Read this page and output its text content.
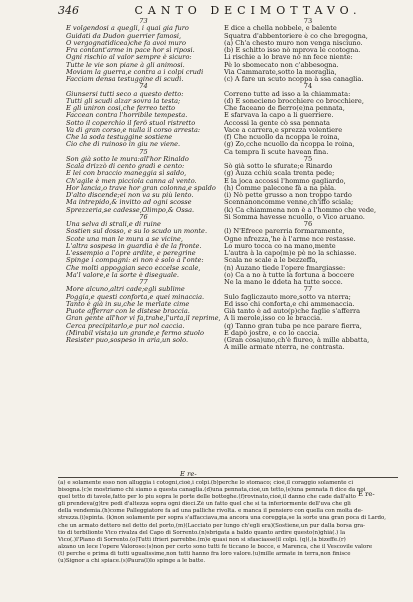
346	CANTO DECIMOTTAVO.
73
E volgendosi a quegli, i quai gia furo
Guidati da Dudon guerrier famosi,
O vergognatidicea)che fa avoi muro
Fra contant'arme in pace hor sì riposi.
Ogni rischio al valor sempre è sicuro:
Tutte le vie son piane à gli animosi.
Moviam la guerra,e contra a i colpi crudi
Facciam densa testuggine di scudi.
74
Giunsersi tutti seco a questo detto:
Tutti gli scudi alzar sovra la testa;
E gli uniron cosi,che ferreo tetto
Faccean contra l'horribile tempesta.
Sotto il coperchio il ferô stuol ristretto
Va di gran corso,e nulla il corso arresta:
Che la soda testuggine sostiene
Cio che di ruinoso in giu ne viene.
75
Son già sotto le mura:all'hor Rinaldo
Scala drizzò di cento gradi e cento:
E lei con braccio maneggia sì saldo,
Ch'agile è men picciola canna al vento.
Hor lancia,o trave hor gran colonna,e spaldo
D'alto discende;ei non va su più lento.
Ma intrepido,& invitto ad ogni scosse
Sprezzeria,se cadesse,Olimpo,& Ossa.
76
Una selva di strali,e di ruine
Sostien sul dosso, e su lo scudo un monte.
Scote una man le mura a se vicine,
L'altra sospesa in guardia è de la fronte.
L'essempio a l'opre ardite, e peregrine
Spinge i compagni: ei non è solo a l'onte:
Che molti appoggian seco eccelse scale,
Ma'l valore,e la sorte è diseguale.
77
More alcuno,altri cade;egli sublime
Poggia,e questi conforta,e quei minaccia.
Tanto è già in su,che le merlate cime
Puote afferrar con le distese braccia.
Gran gente all'hor vi fa,trahe,l'urta,il reprime,
Cerca precipitarlo,e pur nol caccia.
(Mirabil vista)a un grande,e fermo stuolo
Resister puo,sospeso in aria,un solo.
73
E dice a chella nobbele, e balente
Squatra d'abbentoriere è co che bregogna,
(a) Ch'a chesto muro non venga nisciuno.
(b) E schitto isso nò mprova le ccotogna.
Li rischie a lo brave nò nn fece niente:
Pè lo sbomecato non c'abbesogna.
Via Cammarate,sotto la moraglia,
(c) A fare un scuto ncoppa à ssa canaglia.
74
Correno tutte ad isso a la chiammata:
(d) E sonecieno brocchiere co brocchiere,
Che faceano de fierro(e)na pennata,
E sfarvava la capo a li guerriere.
Accossi la gente cò ssa pennata
Vace a carrera,e sprezza volentiere
(f) Che ncuollo da ncoppa le roina,
(g) Zo,cche ncuollo da ncoppa le roina,
Ca tempra lì scute havean fina.
75
Sò già sotto le sfurate;e Rinardo
(g) Auza cchiù scala trenta pede;
E la joca accossi l'hommo gagliardo,
(h) Comme palecone fà a na pàla.
(i) Nò pette grusso a non troppo tardo
Scennanoncomme venne,ch'iffo sciala;
(k) Ca chiammena non è a l'hommo che vede,
Si Somma havesse ncuollo, o Vico aruano.
76
(l) N'Efrece parerria formaramente,
Ogne nfrezza,'he à l'arme nce restasse.
Lo muro tocca co na mano,mente
L'autra à la capo(m)e pè no la schiasse.
Scala ne scale a le bezzeffa,
(n) Auzano tiede l'opere fmargiasse:
(o) Ca a no à tutte la fortuna a boccere
Ne la mano le ddeta ha tutte socce.
77
Sulo fagliczauto more,sotto va nterra;
Ed isso chi conforta,e chi ammenaccia.
Già tanto è ad auto(p)che faglie s'afferra
A li merole,isso co le braccia.
(q) Tanno gran tuba pe nce parare fierra,
E dapò jostre, e co lo caccia.
(Gran cosa)uno,ch'è fiureo, à mille abbatta,
A mille armate nterra, ne contrasta.
E re-
(a) e solamente esso non alluggia i cotogni,cioè,i colpi.(b)perche lo stomaco; cioè,il coraggio solamente ci
bisogna.(c)e mostriamo chi siamo a questa canaglia.(d)una pennata,cioè,un tetto,(e)una pennata fi dice da noi
quel tetto di tavole,fatto per lo piu sopra le porte delle botteghe.(f)rovinato,cioè,il danno che cade dall'alto
gli prendeva(g)tre pedi d'altezza sopra ogni dieci.Zè un fatto quel che si ta inferiormente dell'uva che gli
della vendemia.(h)come Palleggiatore fa ad una palliche rivolta. e manca il pensiero con quella con molta de-
strezza.(i)spinta. (k)non solamente per sopra s'affacciava,ma ancora una coreggia,se la sorte una gran poca di Lardo,
che un armato dettero nel detto del porto,(m)(Lacciato per lungo ch'egli era)(Sostiene,un pur dalla borsa gra-
tio di terbilionte Vico rivalza del Capo di Sorrento.(n)sbrigata a baldo quanto ardire questo(n)ghià(.) la
Vico(.)l'Piano di Sorrento.(o)Tutti ifrieri parrebbe.(m)e quasi non si sfasciasse(il colpi. (q)(.)a bizeffe.(r)
alzano un lece l'opere Valoroso:(s)non per certo sono tutti fe ticcano le bocce, e Marenca, che il Vescovile valore
(t) perche e prima di tutti ugualissime,non tutti hanno fra loro valore.(u)mille armate in terra,non finisce
(u)Signor a chi spiace.(s)Paura(l)lo spinge a le batte.
E re-
